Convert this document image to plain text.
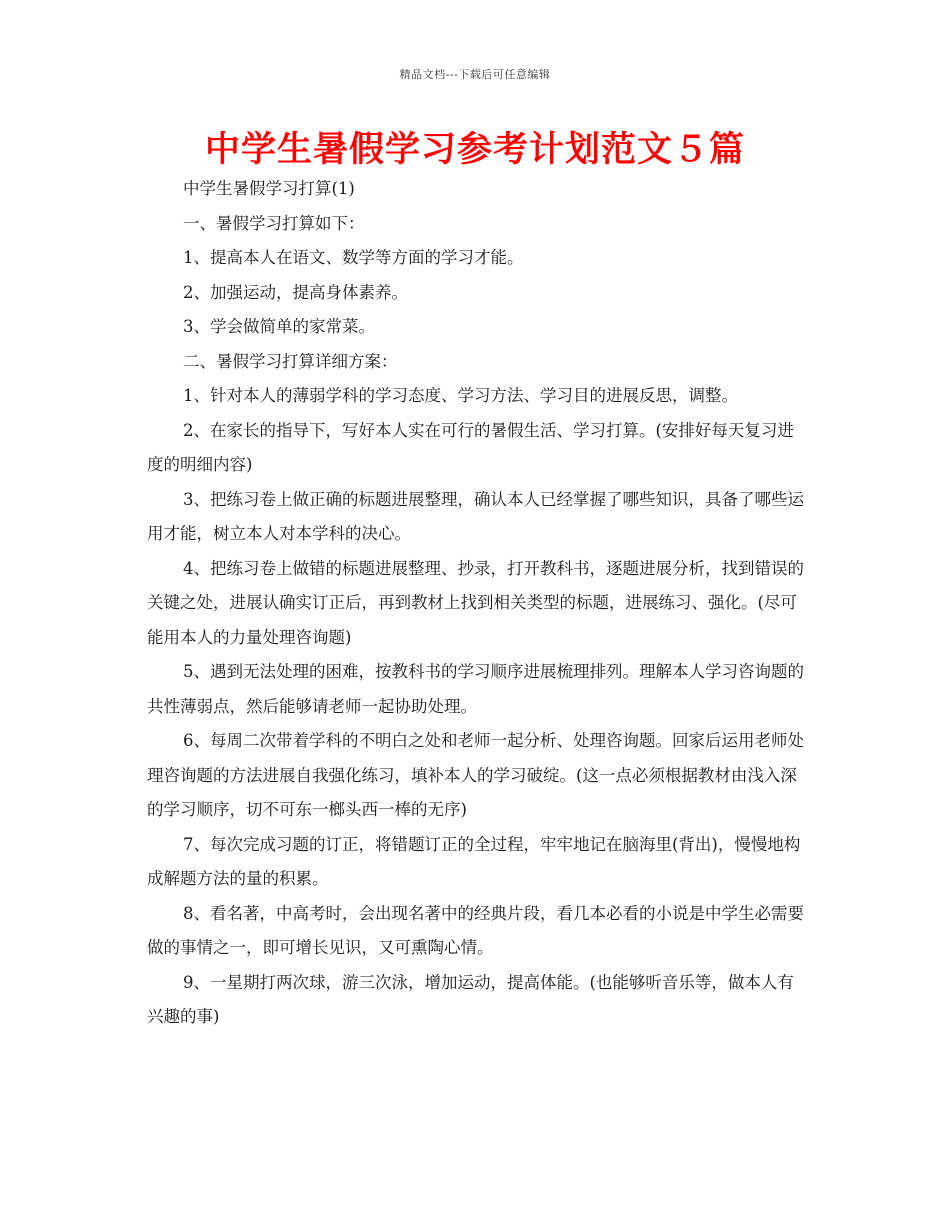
精品文档---下载后可任意编辑
中学生暑假学习参考计划范文５篇

中学生暑假学习打算(1)

一、暑假学习打算如下：

1、提高本人在语文、数学等方面的学习才能。

2、加强运动，提高身体素养。

3、学会做简单的家常菜。

二、暑假学习打算详细方案：

1、针对本人的薄弱学科的学习态度、学习方法、学习目的进展反思，调整。

2、在家长的指导下，写好本人实在可行的暑假生活、学习打算。(安排好每天复习进度的明细内容)

3、把练习卷上做正确的标题进展整理，确认本人已经掌握了哪些知识，具备了哪些运用才能，树立本人对本学科的决心。

4、把练习卷上做错的标题进展整理、抄录，打开教科书，逐题进展分析，找到错误的关键之处，进展认确实订正后，再到教材上找到相关类型的标题，进展练习、强化。(尽可能用本人的力量处理咨询题)

5、遇到无法处理的困难，按教科书的学习顺序进展梳理排列。理解本人学习咨询题的共性薄弱点，然后能够请老师一起协助处理。

6、每周二次带着学科的不明白之处和老师一起分析、处理咨询题。回家后运用老师处理咨询题的方法进展自我强化练习，填补本人的学习破绽。(这一点必须根据教材由浅入深的学习顺序，切不可东一榔头西一棒的无序)

7、每次完成习题的订正，将错题订正的全过程，牢牢地记在脑海里(背出)，慢慢地构成解题方法的量的积累。

8、看名著，中高考时，会出现名著中的经典片段，看几本必看的小说是中学生必需要做的事情之一，即可增长见识，又可熏陶心情。

9、一星期打两次球，游三次泳，增加运动，提高体能。(也能够听音乐等，做本人有兴趣的事)
